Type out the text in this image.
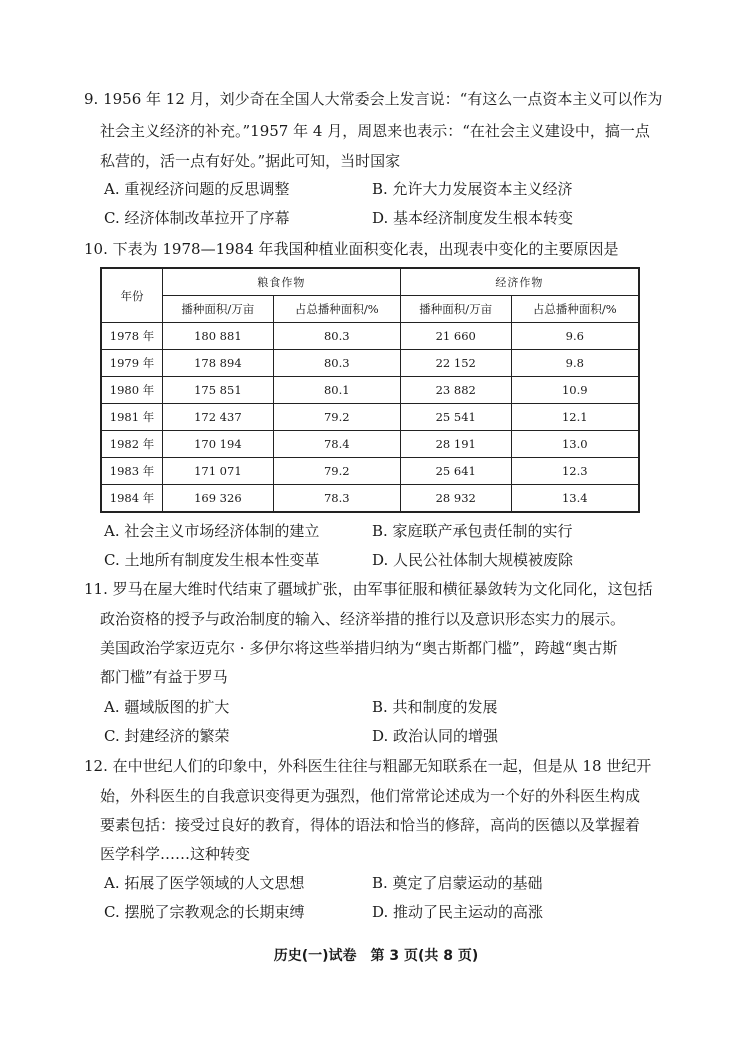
9. 1956 年 12 月，刘少奇在全国人大常委会上发言说：“有这么一点资本主义可以作为
社会主义经济的补充。”1957 年 4 月，周恩来也表示：“在社会主义建设中，搞一点
私营的，活一点有好处。”据此可知，当时国家
A. 重视经济问题的反思调整	B. 允许大力发展资本主义经济
C. 经济体制改革拉开了序幕	D. 基本经济制度发生根本转变
10. 下表为 1978—1984 年我国种植业面积变化表，出现表中变化的主要原因是
年份	粮食作物		经济作物	
	播种面积/万亩	占总播种面积/%	播种面积/万亩	占总播种面积/%
1978 年	180 881	80.3	21 660	9.6
1979 年	178 894	80.3	22 152	9.8
1980 年	175 851	80.1	23 882	10.9
1981 年	172 437	79.2	25 541	12.1
1982 年	170 194	78.4	28 191	13.0
1983 年	171 071	79.2	25 641	12.3
1984 年	169 326	78.3	28 932	13.4
A. 社会主义市场经济体制的建立	B. 家庭联产承包责任制的实行
C. 土地所有制度发生根本性变革	D. 人民公社体制大规模被废除
11. 罗马在屋大维时代结束了疆域扩张，由军事征服和横征暴敛转为文化同化，这包括
政治资格的授予与政治制度的输入、经济举措的推行以及意识形态实力的展示。
美国政治学家迈克尔 · 多伊尔将这些举措归纳为“奥古斯都门槛”，跨越“奥古斯
都门槛”有益于罗马
A. 疆域版图的扩大	B. 共和制度的发展
C. 封建经济的繁荣	D. 政治认同的增强
12. 在中世纪人们的印象中，外科医生往往与粗鄙无知联系在一起，但是从 18 世纪开
始，外科医生的自我意识变得更为强烈，他们常常论述成为一个好的外科医生构成
要素包括：接受过良好的教育，得体的语法和恰当的修辞，高尚的医德以及掌握着
医学科学……这种转变
A. 拓展了医学领域的人文思想	B. 奠定了启蒙运动的基础
C. 摆脱了宗教观念的长期束缚	D. 推动了民主运动的高涨
历史(一)试卷　第 3 页(共 8 页)
